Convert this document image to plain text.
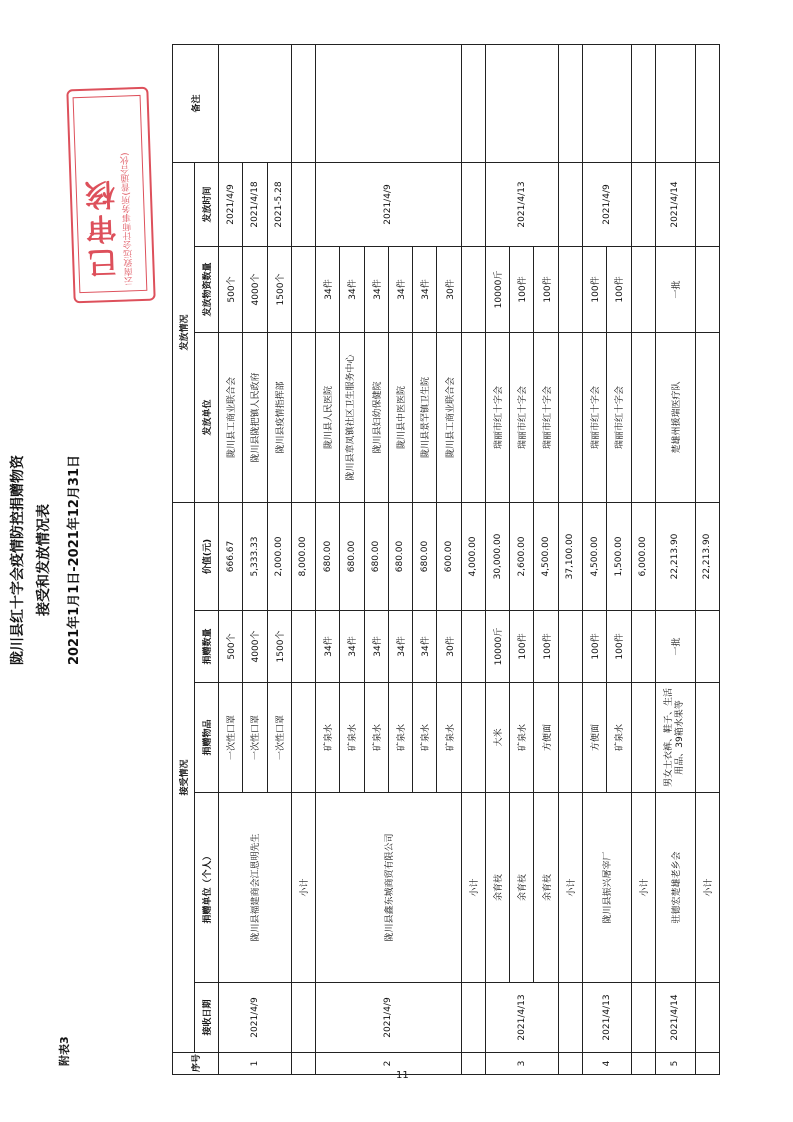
附表3
11
已审核
云南致远会计师事务所(普通合伙)
陇川县红十字会疫情防控捐赠物资 接受和发放情况表	2021年1月1日-2021年12月31日
序号	接受情况					发放情况			备注
	接收日期	捐赠单位（个人）	捐赠物品	捐赠数量	价值(元)	发放单位	发放物资数量	发放时间	
1	2021/4/9	陇川县福建商会江恩明先生	一次性口罩	500个	666.67	陇川县工商业联合会	500个	2021/4/9	
			一次性口罩	4000个	5,333.33	陇川县陇把镇人民政府	4000个	2021/4/18	
			一次性口罩	1500个	2,000.00	陇川县疫情指挥部	1500个	2021-5.28	
		小计			8,000.00				
2	2021/4/9	陇川县鑫东城商贸有限公司	矿泉水	34件	680.00	陇川县人民医院	34件	2021/4/9	
			矿泉水	34件	680.00	陇川县章凤镇社区卫生服务中心	34件		
			矿泉水	34件	680.00	陇川县妇幼保健院	34件		
			矿泉水	34件	680.00	陇川县中医医院	34件		
			矿泉水	34件	680.00	陇川县景罕镇卫生院	34件		
			矿泉水	30件	600.00	陇川县工商业联合会	30件		
		小计			4,000.00				
3	2021/4/13	余育枝	大米	10000斤	30,000.00	瑞丽市红十字会	10000斤	2021/4/13	
		余育枝	矿泉水	100件	2,600.00	瑞丽市红十字会	100件		
		余育枝	方便面	100件	4,500.00	瑞丽市红十字会	100件		
		小计			37,100.00				
4	2021/4/13	陇川县振兴屠宰厂	方便面	100件	4,500.00	瑞丽市红十字会	100件	2021/4/9	
			矿泉水	100件	1,500.00	瑞丽市红十字会	100件		
		小计			6,000.00				
5	2021/4/14	驻德宏楚雄老乡会	男女士衣裤、鞋子、生活用品、39箱水果等	一批	22,213.90	楚雄州援瑞医疗队	一批	2021/4/14	
		小计			22,213.90				
